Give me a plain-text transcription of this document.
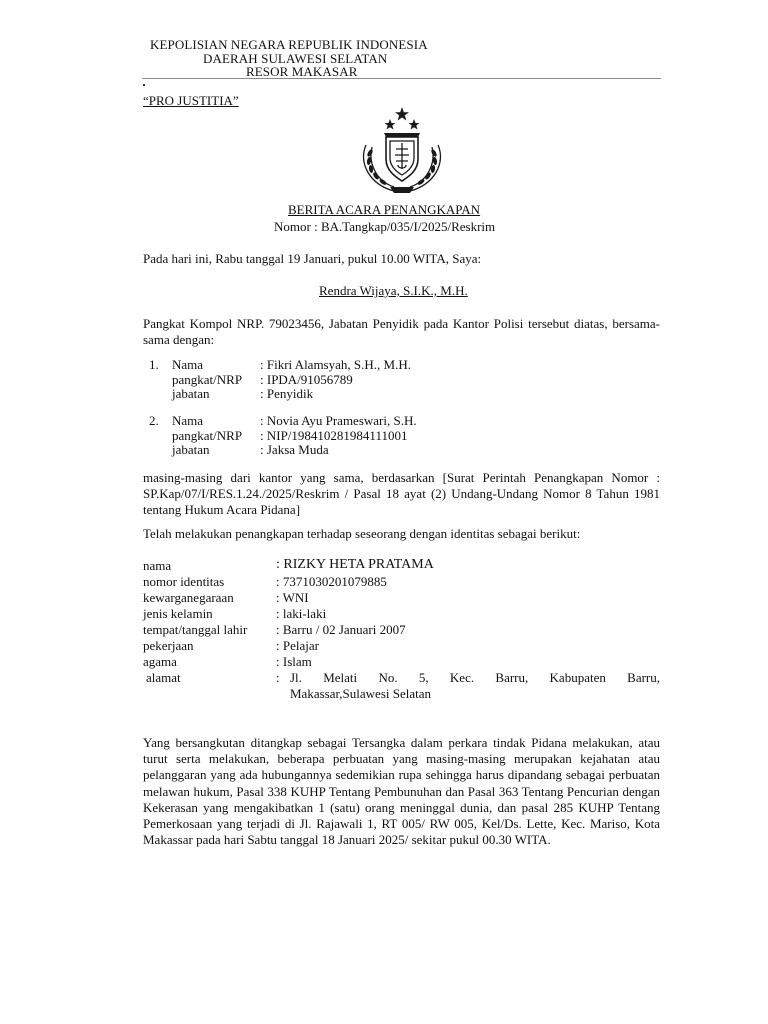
KEPOLISIAN NEGARA REPUBLIK INDONESIA
DAERAH SULAWESI SELATAN
RESOR MAKASAR
“PRO JUSTITIA”
BERITA ACARA PENANGKAPAN
Nomor : BA.Tangkap/035/I/2025/Reskrim
Pada hari ini, Rabu tanggal 19 Januari, pukul 10.00 WITA, Saya:
Rendra Wijaya, S.I.K., M.H.
Pangkat Kompol NRP. 79023456, Jabatan Penyidik pada Kantor Polisi tersebut diatas, bersama-sama dengan:
1. Nama	: Fikri Alamsyah, S.H., M.H.
pangkat/NRP : IPDA/91056789
jabatan	: Penyidik
2. Nama	: Novia Ayu Prameswari, S.H.
pangkat/NRP : NIP/198410281984111001
jabatan	: Jaksa Muda
masing-masing dari kantor yang sama, berdasarkan [Surat Perintah Penangkapan Nomor : SP.Kap/07/I/RES.1.24./2025/Reskrim / Pasal 18 ayat (2) Undang-Undang Nomor 8 Tahun 1981 tentang Hukum Acara Pidana]
Telah melakukan penangkapan terhadap seseorang dengan identitas sebagai berikut:
nama	: RIZKY HETA PRATAMA
nomor identitas	: 7371030201079885
kewarganegaraan	: WNI
jenis kelamin	: laki-laki
tempat/tanggal lahir : Barru / 02 Januari 2007
pekerjaan	: Pelajar
agama	: Islam
alamat	: Jl. Melati No. 5, Kec. Barru, Kabupaten Barru,
Makassar,Sulawesi Selatan
Yang bersangkutan ditangkap sebagai Tersangka dalam perkara tindak Pidana melakukan, atau turut serta melakukan, beberapa perbuatan yang masing-masing merupakan kejahatan atau pelanggaran yang ada hubungannya sedemikian rupa sehingga harus dipandang sebagai perbuatan melawan hukum, Pasal 338 KUHP Tentang Pembunuhan dan Pasal 363 Tentang Pencurian dengan Kekerasan yang mengakibatkan 1 (satu) orang meninggal dunia, dan pasal 285 KUHP Tentang Pemerkosaan yang terjadi di Jl. Rajawali 1, RT 005/ RW 005, Kel/Ds. Lette, Kec. Mariso, Kota Makassar pada hari Sabtu tanggal 18 Januari 2025/ sekitar pukul 00.30 WITA.
